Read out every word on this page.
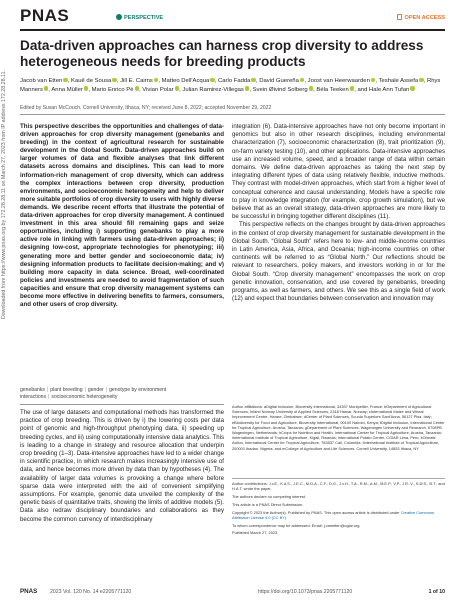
Downloaded from https://www.pnas.org by 172.28.28.11 on March 27, 2023 from IP address 172.28.28.11.
PNAS	PERSPECTIVE	OPEN ACCESS
Data-driven approaches can harness crop diversity to address heterogeneous needs for breeding products
Jacob van Etten , Kauê de Sousa , Jill E. Cairns , Matteo Dell'Acqua , Carlo Fadda , David Guereña , Joost van Heerwaarden , Teshale Assefa , Rhys Manners , Anna Müller , Mario Enrico Pè , Vivian Polar , Julian Ramirez-Villegas , Svein Øivind Solberg , Béla Teeken , and Hale Ann Tufan
Edited by Susan McCouch, Cornell University, Ithaca, NY; received June 8, 2022; accepted November 29, 2022
This perspective describes the opportunities and challenges of data-driven approaches for crop diversity management (genebanks and breeding) in the context of agricultural research for sustainable development in the Global South. Data-driven approaches build on larger volumes of data and flexible analyses that link different datasets across domains and disciplines. This can lead to more information-rich management of crop diversity, which can address the complex interactions between crop diversity, production environments, and socioeconomic heterogeneity and help to deliver more suitable portfolios of crop diversity to users with highly diverse demands. We describe recent efforts that illustrate the potential of data-driven approaches for crop diversity management. A continued investment in this area should fill remaining gaps and seize opportunities, including i) supporting genebanks to play a more active role in linking with farmers using data-driven approaches; ii) designing low-cost, appropriate technologies for phenotyping; iii) generating more and better gender and socioeconomic data; iv) designing information products to facilitate decision-making; and v) building more capacity in data science. Broad, well-coordinated policies and investments are needed to avoid fragmentation of such capacities and ensure that crop diversity management systems can become more effective in delivering benefits to farmers, consumers, and other users of crop diversity.
genebanks | plant breeding | gender | genotype by environment interactions | socioeconomic heterogeneity
The use of large datasets and computational methods has transformed the practice of crop breeding. This is driven by i) the lowering costs per data point of genomic and high-throughput phenotyping data, ii) speeding up breeding cycles, and iii) using computationally intensive data analytics. This is leading to a change in strategy and resource allocation that underpin crop breeding (1–3). Data-intensive approaches have led to a wider change in scientific practice, in which research makes increasingly intensive use of data, and hence becomes more driven by data than by hypotheses (4). The availability of larger data volumes is provoking a change where before sparse data were interpreted with the aid of convenient simplifying assumptions. For example, genomic data unveiled the complexity of the genetic basis of quantitative traits, showing the limits of additive models (5). Data also redraw disciplinary boundaries and collaborations as they become the common currency of interdisciplinary

integration (6). Data-intensive approaches have not only become important in genomics but also in other research disciplines, including environmental characterization (7), socioeconomic characterization (8), trait prioritization (9), on-farm variety testing (10), and other applications. Data-intensive approaches use an increased volume, speed, and a broader range of data within certain domains. We define data-driven approaches as taking the next step by integrating different types of data using relatively flexible, inductive methods. They contrast with model-driven approaches, which start from a higher level of conceptual coherence and causal understanding. Models have a specific role to play in knowledge integration (for example, crop growth simulation), but we believe that as an overall strategy, data-driven approaches are more likely to be successful in bringing together different disciplines (11).

This perspective reflects on the changes brought by data-driven approaches in the context of crop diversity management for sustainable development in the Global South. “Global South” refers here to low- and middle-income countries in Latin America, Asia, Africa, and Oceania; high-income countries on other continents will be referred to as “Global North.” Our reflections should be relevant to researchers, policy makers, and investors working in or for the Global South. “Crop diversity management” encompasses the work on crop genetic innovation, conservation, and use covered by genebanks, breeding programs, as well as farmers, and others. We see this as a single field of work (12) and expect that boundaries between conservation and innovation may

Author affiliations: aDigital Inclusion, Bioversity International, 34397 Montpellier, France; bDepartment of Agricultural Sciences, Inland Norway University of Applied Sciences, 2318 Hamar, Norway; cInternational Maize and Wheat Improvement Centre, Harare, Zimbabwe; dCenter of Plant Sciences, Scuola Superiore Sant'Anna, 56127 Pisa, Italy; eBiodiversity for Food and Agriculture, Bioversity International, 00100 Nairobi, Kenya; fDigital Inclusion, International Center for Tropical Agriculture, Arusha, Tanzania; gDepartment of Plant Sciences, Wageningen University and Research, 6708PB Wageningen, Netherlands; hCrops for Nutrition and Health, International Center for Tropical Agriculture, Arusha, Tanzania; iInternational Institute of Tropical Agriculture, Kigali, Rwanda; International Potato Center, CGIAR Lima, Peru; kClimate Action, International Center for Tropical Agriculture, 763537 Cali, Colombia; lInternational Institute of Tropical Agriculture, 200001 Ibadan, Nigeria; and mCollege of Agriculture and Life Sciences, Cornell University, 14853 Ithaca, NY
Author contributions: J.v.E., K.d.S., J.E.C., M.D.A., C.F., D.G., J.v.H., T.A., R.M., A.M., M.E.P., V.P., J.R.-V., S.Ø.S., B.T., and H.A.T. wrote the paper.
The authors declare no competing interest.
This article is a PNAS Direct Submission.
Copyright © 2023 the Author(s). Published by PNAS. This open access article is distributed under Creative Commons Attribution License 4.0 (CC BY).
To whom correspondence may be addressed. Email: j.vanetten@cgiar.org.
Published March 27, 2023.
PNAS 2023 Vol. 120 No. 14 e2205771120	https://doi.org/10.1073/pnas.2205771120	1 of 10
